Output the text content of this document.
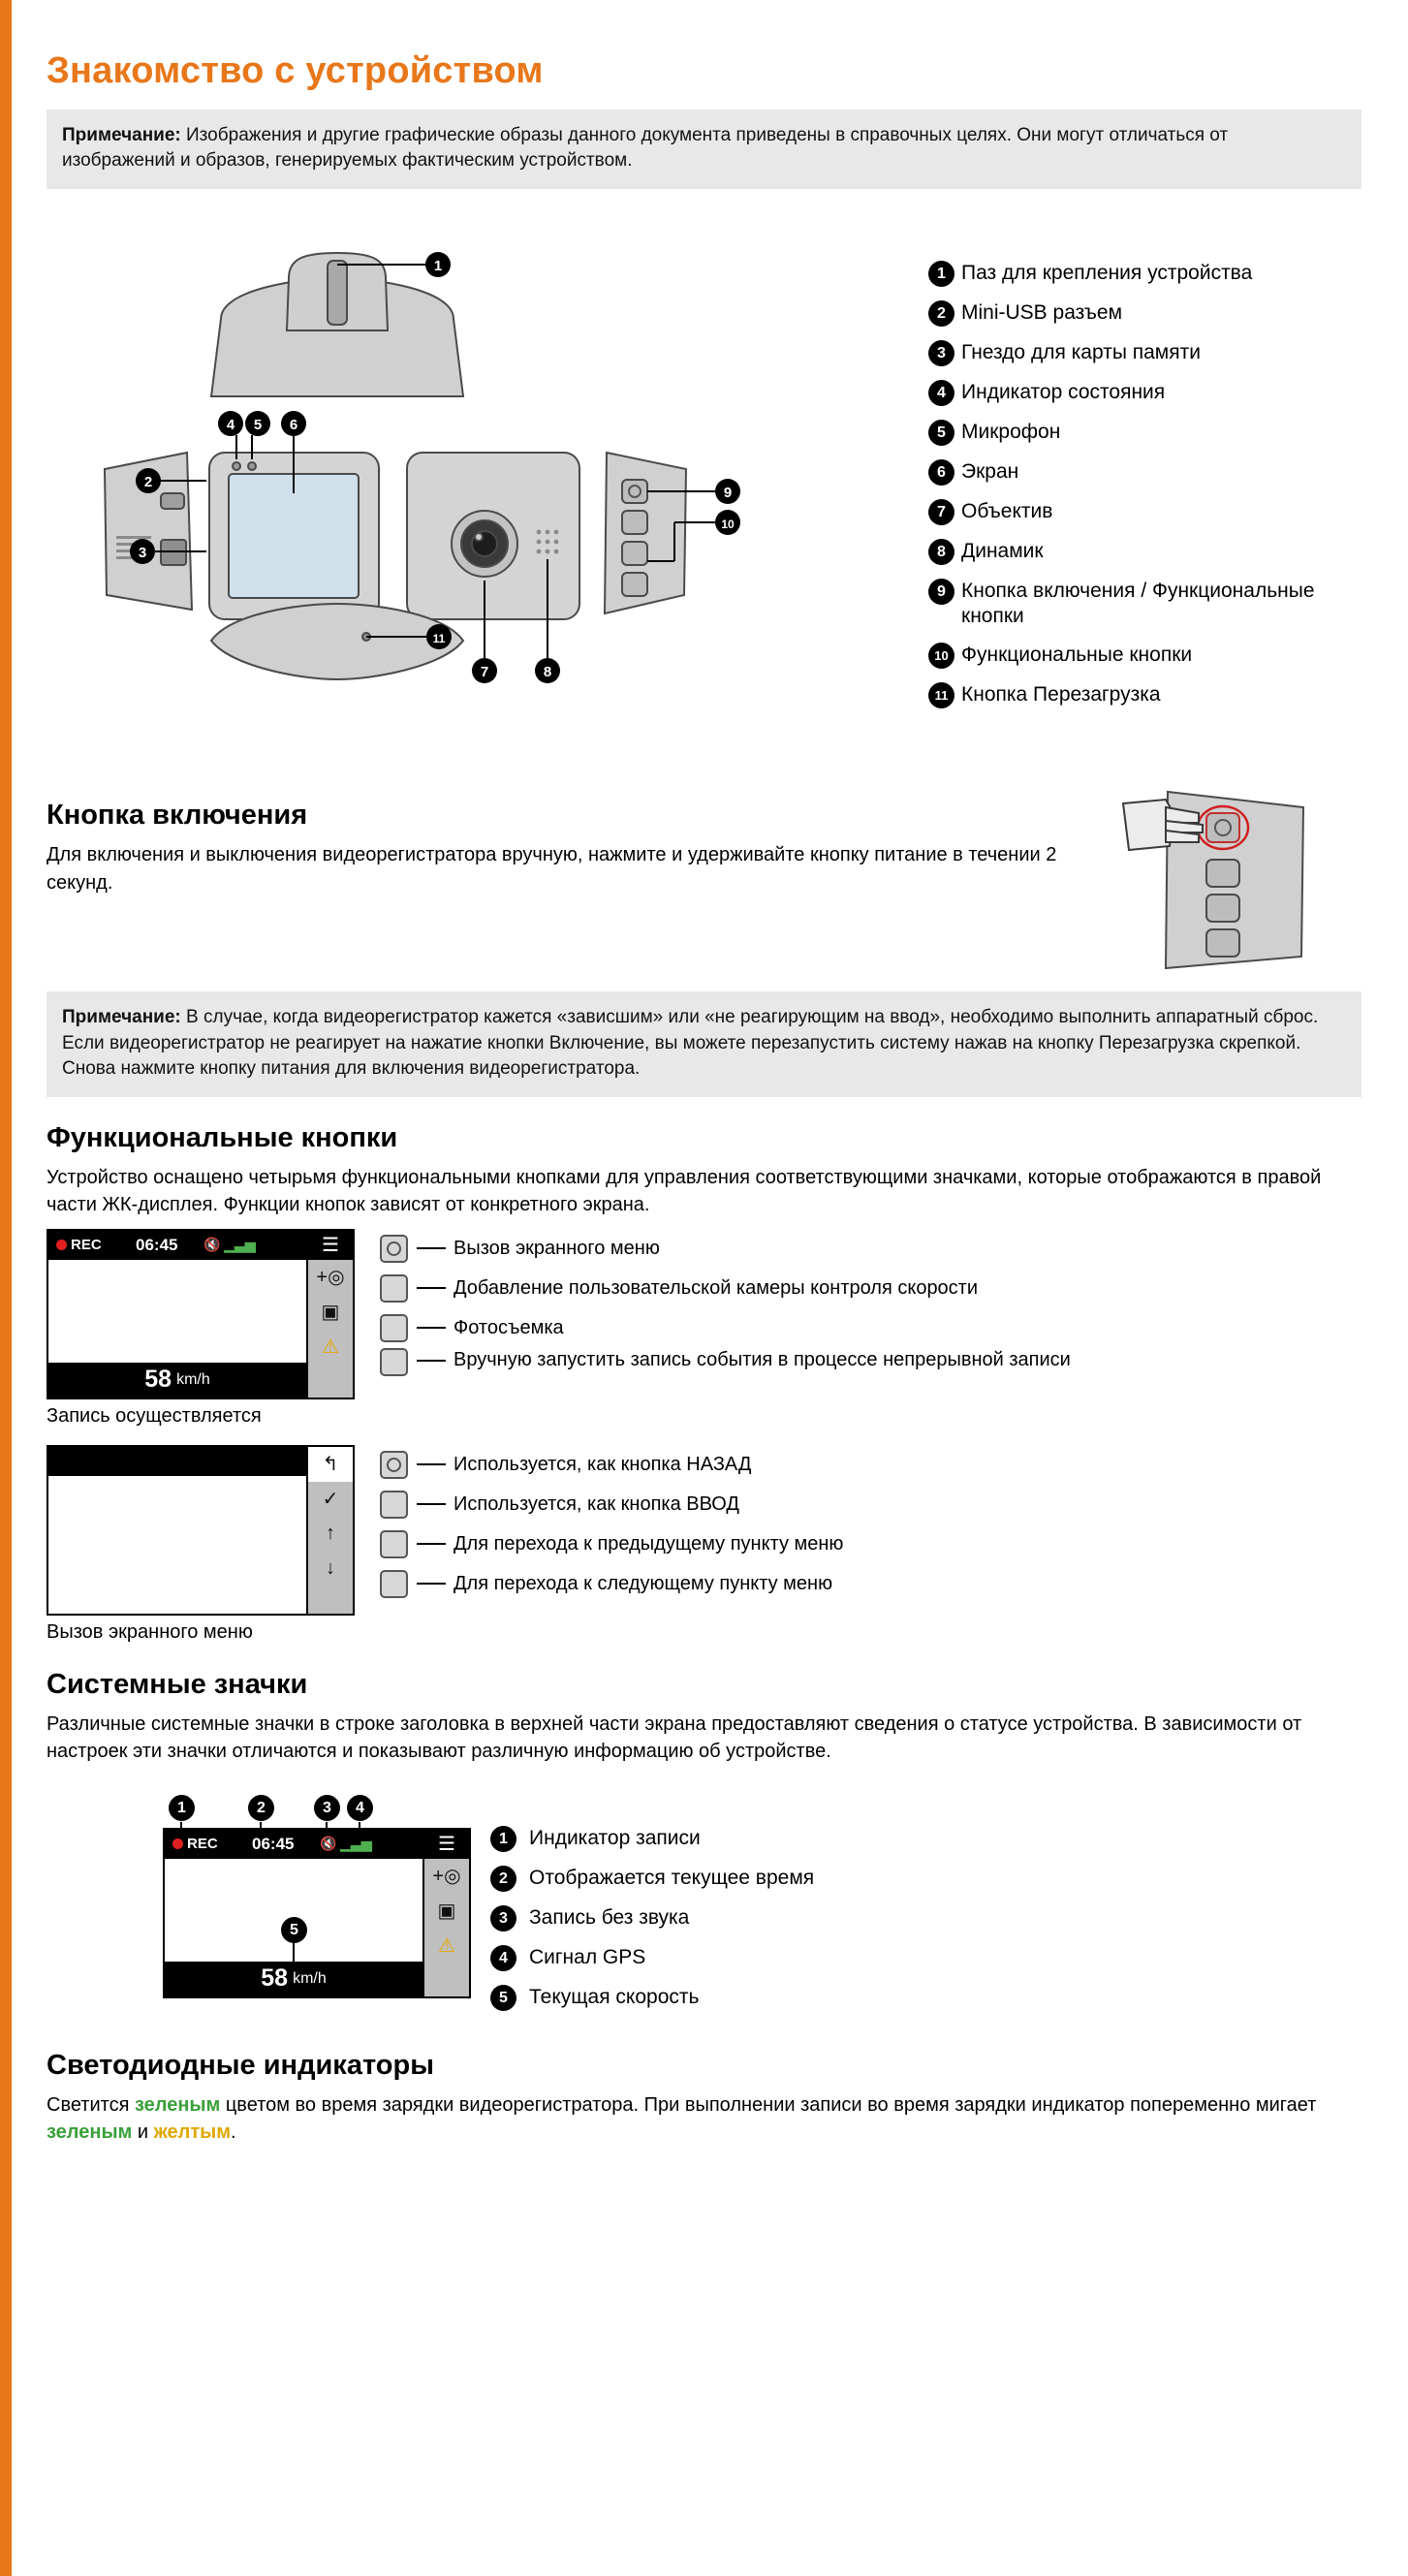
Знакомство с устройством
Примечание: Изображения и другие графические образы данного документа приведены в справочных целях. Они могут отличаться от изображений и образов, генерируемых фактическим устройством.
1
2
3
4 5 6
7	8
9
10
11
1 Паз для крепления устройства
2 Mini-USB разъем
3 Гнездо для карты памяти
4 Индикатор состояния
5 Микрофон
6 Экран
7 Объектив
8 Динамик
9 Кнопка включения / Функциональные кнопки
10 Функциональные кнопки
11 Кнопка Перезагрузка
Кнопка включения

Для включения и выключения видеорегистратора вручную, нажмите и удерживайте кнопку питание в течении 2 секунд.

Примечание: В случае, когда видеорегистратор кажется «зависшим» или «не реагирующим на ввод», необходимо выполнить аппаратный сброс. Если видеорегистратор не реагирует на нажатие кнопки Включение, вы можете перезапустить систему нажав на кнопку Перезагрузка скрепкой. Снова нажмите кнопку питания для включения видеорегистратора.
Функциональные кнопки

Устройство оснащено четырьмя функциональными кнопками для управления соответствующими значками, которые отображаются в правой части ЖК-дисплея. Функции кнопок зависят от конкретного экрана.

REC 06:45 🔇 ▁▃▅	☰
+◎
▣
⚠
58 km/h
Запись осуществляется
Вызов экранного меню
Добавление пользовательской камеры контроля скорости
Фотосъемка
Вручную запустить запись события в процессе непрерывной записи
↰
✓
↑
↓
Вызов экранного меню
Используется, как кнопка НАЗАД
Используется, как кнопка ВВОД
Для перехода к предыдущему пункту меню
Для перехода к следующему пункту меню
Системные значки

Различные системные значки в строке заголовка в верхней части экрана предоставляют сведения о статусе устройства. В зависимости от настроек эти значки отличаются и показывают различную информацию об устройстве.

1	2	3	4
REC 06:45 🔇 ▁▃▅	☰
+◎
▣
⚠
58 km/h
5
1	Индикатор записи
2	Отображается текущее время
3	Запись без звука
4	Сигнал GPS
5	Текущая скорость
Светодиодные индикаторы

Светится зеленым цветом во время зарядки видеорегистратора. При выполнении записи во время зарядки индикатор попеременно мигает зеленым и желтым.
